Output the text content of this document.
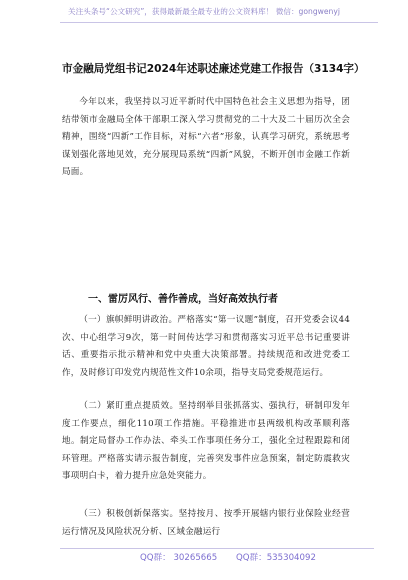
关注头条号“公文研究”，获得最新最全最专业的公文资料库！ 微信：gongwenyj
市金融局党组书记2024年述职述廉述党建工作报告（3134字）
今年以来，我坚持以习近平新时代中国特色社会主义思想为指导，团结带领市金融局全体干部职工深入学习贯彻党的二十大及二十届历次全会精神，围绕“四新”工作目标，对标“六者”形象，认真学习研究，系统思考谋划强化落地见效，充分展现局系统“四新”风貌，不断开创市金融工作新局面。
一、雷厉风行、善作善成，当好高效执行者
（一）旗帜鲜明讲政治。严格落实“第一议题”制度，召开党委会议44次、中心组学习9次，第一时间传达学习和贯彻落实习近平总书记重要讲话、重要指示批示精神和党中央重大决策部署。持续规范和改进党委工作，及时修订印发党内规范性文件10余项，指导支局党委规范运行。
（二）紧盯重点提质效。坚持纲举目张抓落实、强执行，研制印发年度工作要点，细化110项工作措施。平稳推进市县两级机构改革顺利落地。制定局督办工作办法、牵头工作事项任务分工，强化全过程跟踪和闭环管理。严格落实请示报告制度，完善突发事件应急预案，制定防震救灾事项明白卡，着力提升应急处突能力。
（三）积极创新保落实。坚持按月、按季开展辖内银行业保险业经营运行情况及风险状况分析、区域金融运行
QQ群： 30265665 QQ群：535304092
